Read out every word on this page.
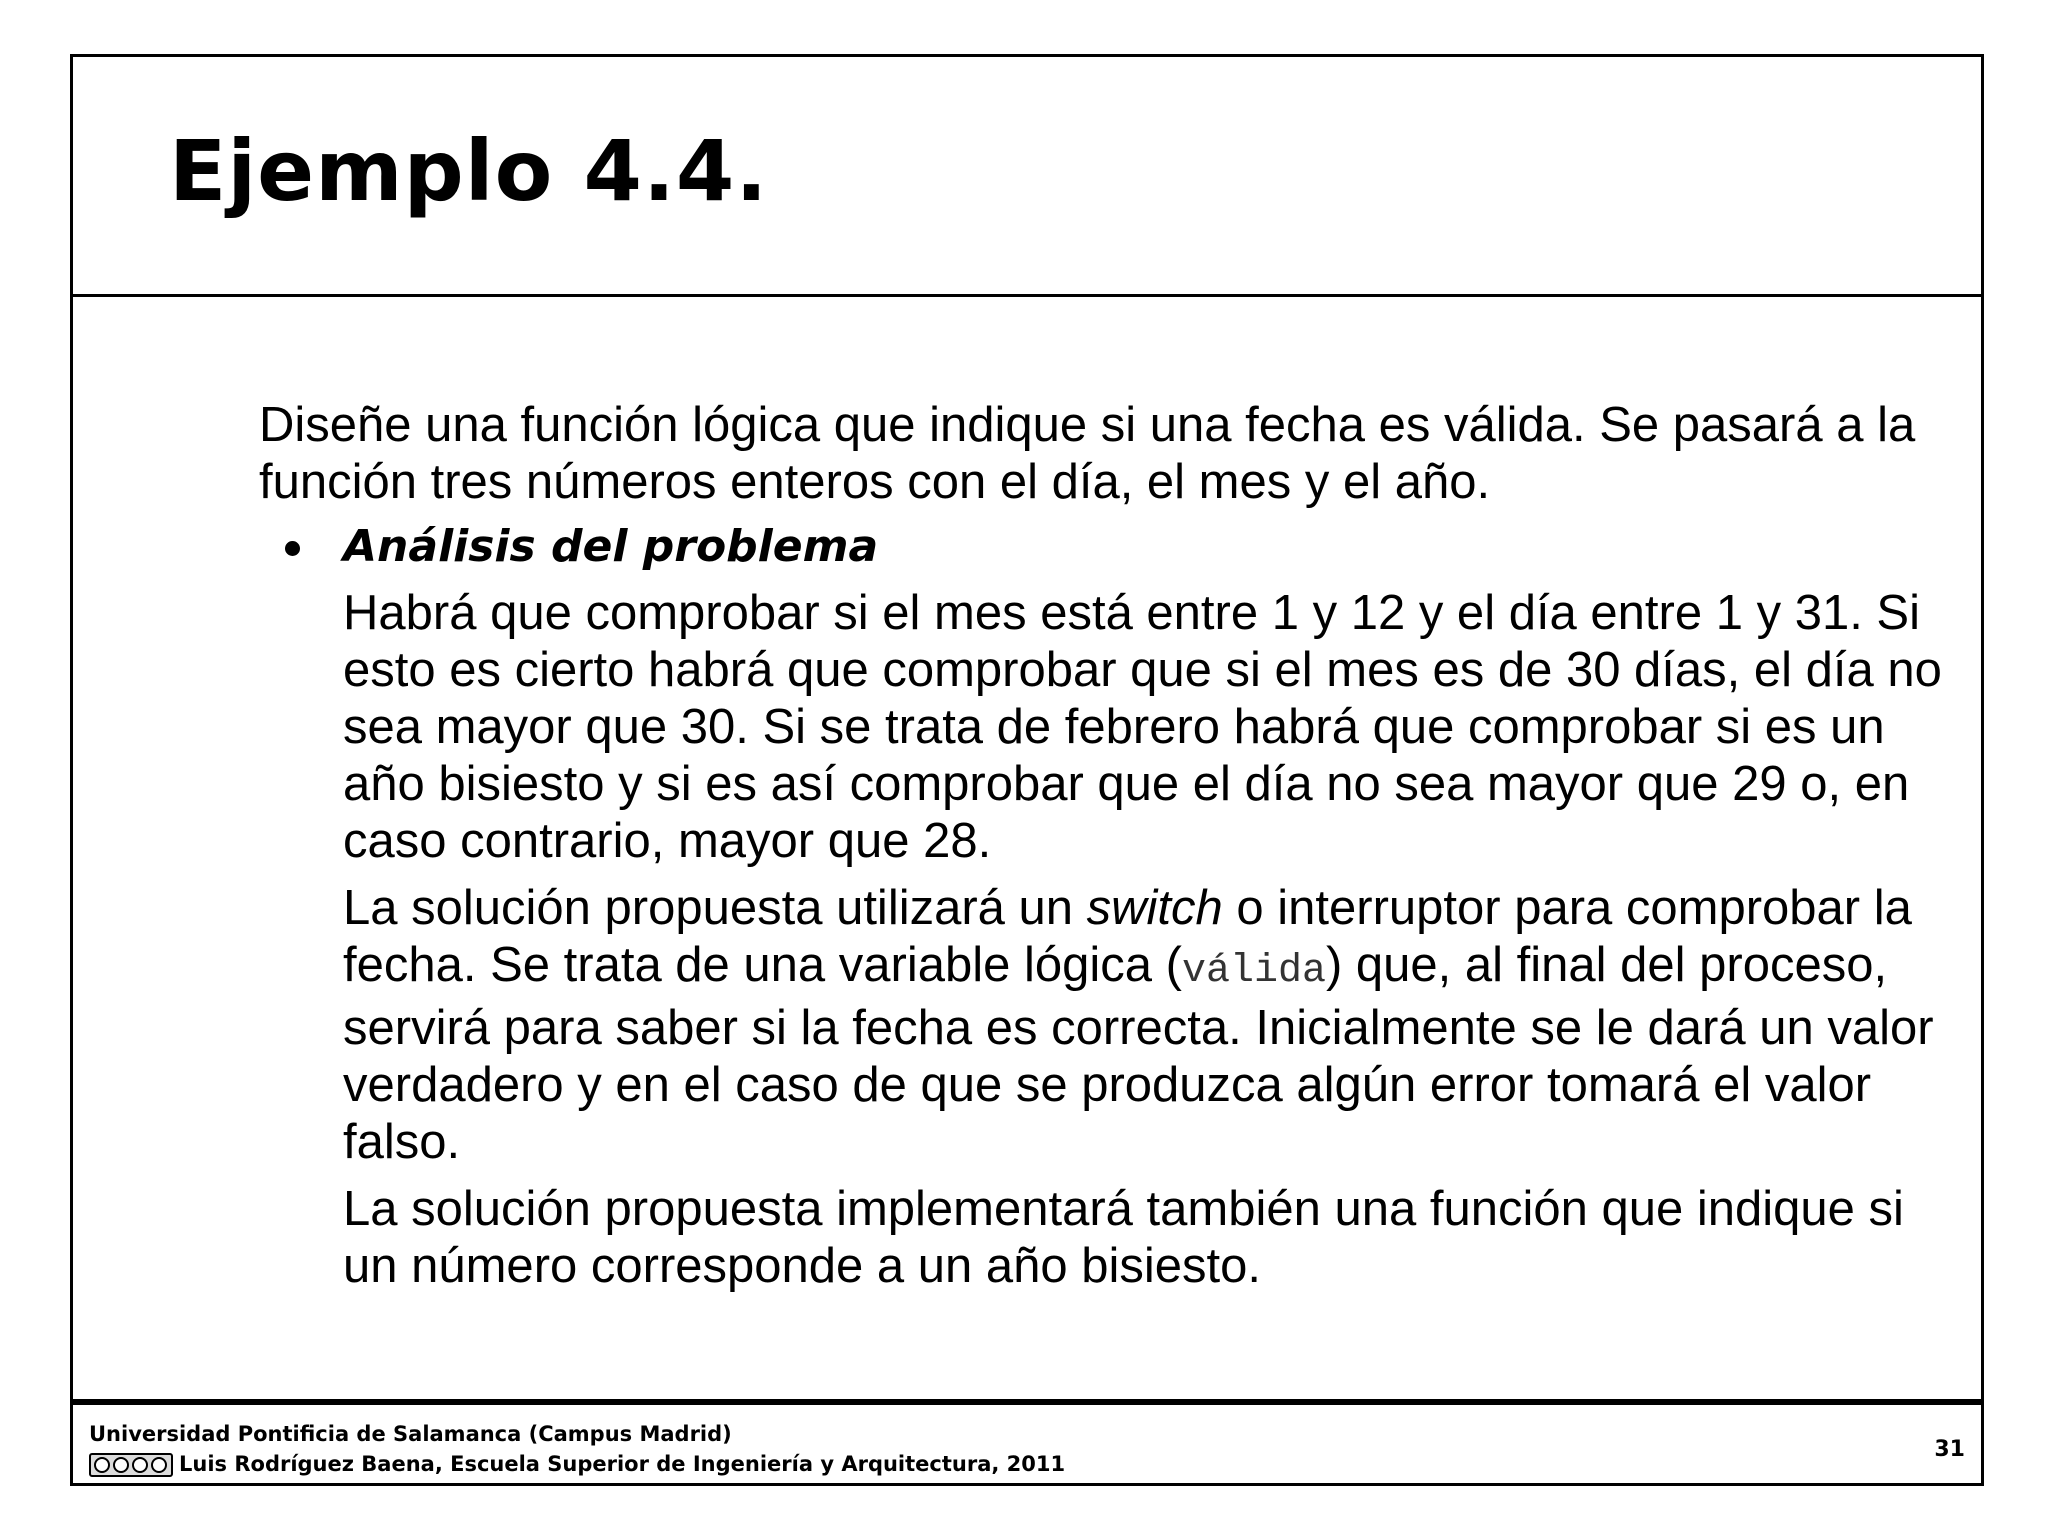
Ejemplo 4.4.

Diseñe una función lógica que indique si una fecha es válida. Se pasará a la función tres números enteros con el día, el mes y el año.

Análisis del problema

Habrá que comprobar si el mes está entre 1 y 12 y el día entre 1 y 31. Si esto es cierto habrá que comprobar que si el mes es de 30 días, el día no sea mayor que 30. Si se trata de febrero habrá que comprobar si es un año bisiesto y si es así comprobar que el día no sea mayor que 29 o, en caso contrario, mayor que 28.

La solución propuesta utilizará un switch o interruptor para comprobar la fecha. Se trata de una variable lógica (válida) que, al final del proceso, servirá para saber si la fecha es correcta. Inicialmente se le dará un valor verdadero y en el caso de que se produzca algún error tomará el valor falso.

La solución propuesta implementará también una función que indique si un número corresponde a un año bisiesto.

Universidad Pontificia de Salamanca (Campus Madrid)
Luis Rodríguez Baena, Escuela Superior de Ingeniería y Arquitectura, 2011
31
